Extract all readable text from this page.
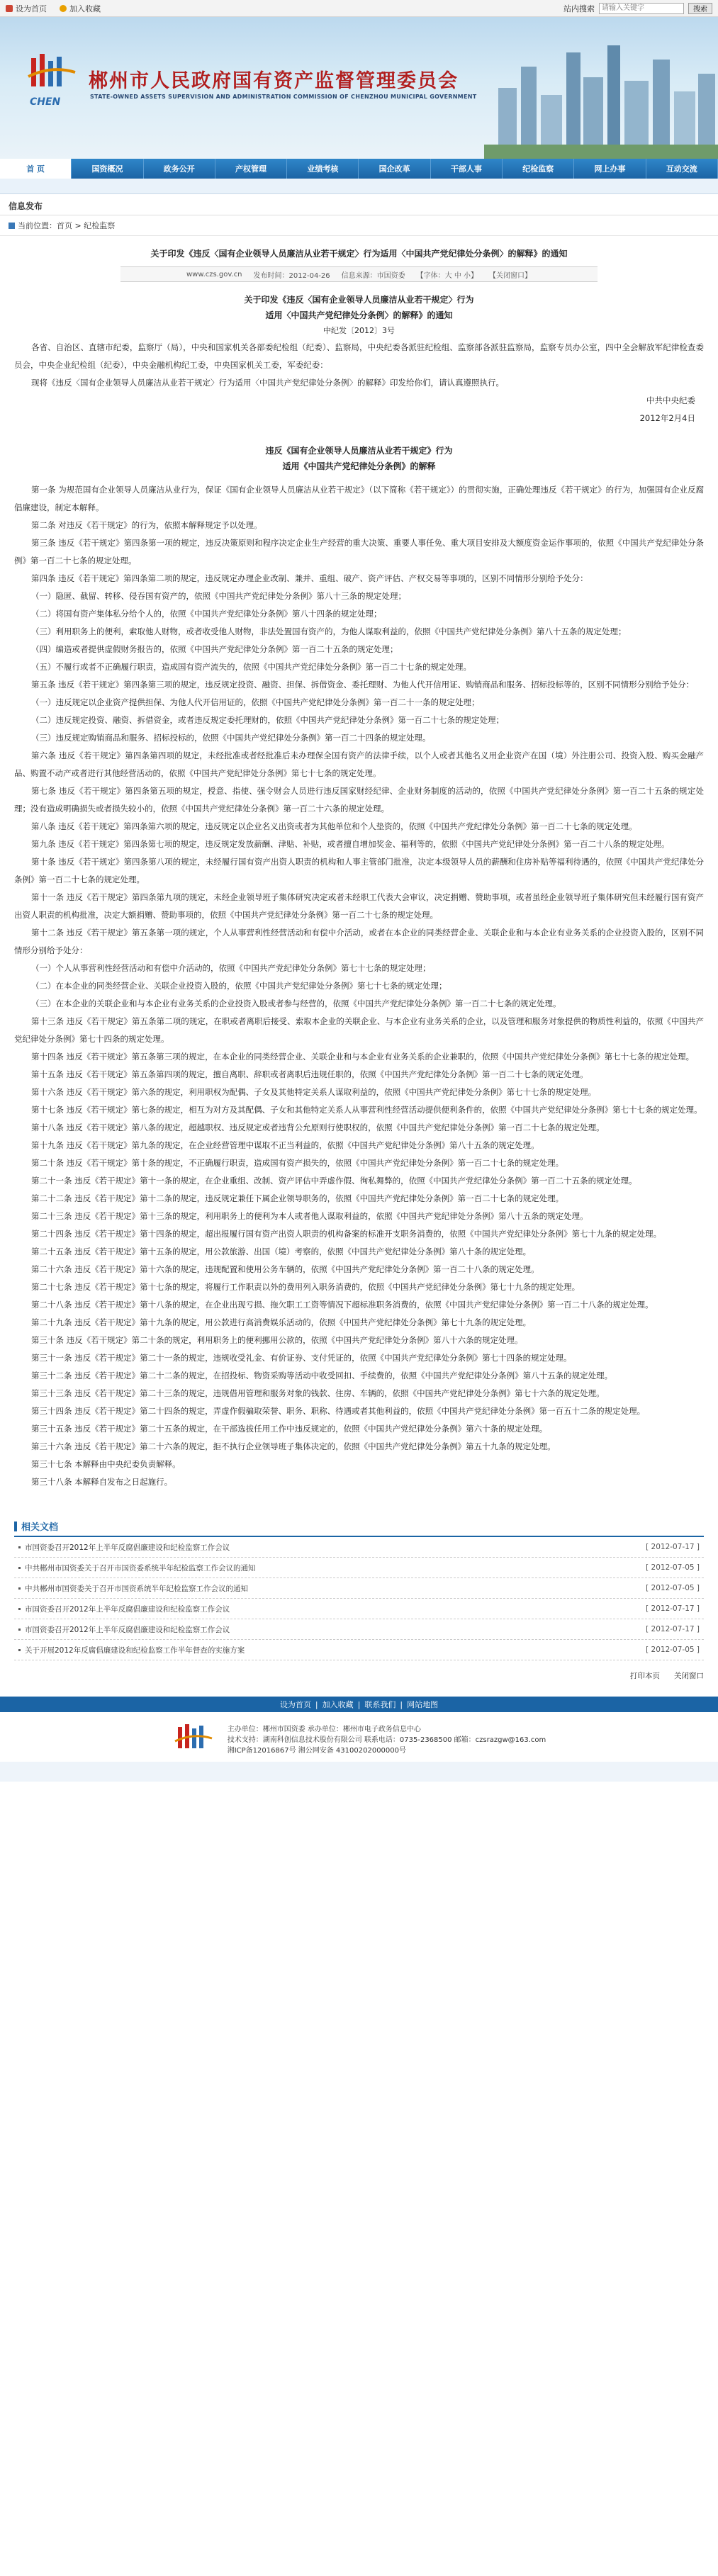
设为首页	加入收藏	站内搜索
请输入关键字	搜索
CHEN
郴州市人民政府国有资产监督管理委员会
STATE-OWNED ASSETS SUPERVISION AND ADMINISTRATION COMMISSION OF CHENZHOU MUNICIPAL GOVERNMENT
首 页	国资概况	政务公开	产权管理	业绩考核	国企改革	干部人事	纪检监察	网上办事	互动交流
信息发布
当前位置：首页 > 纪检监察
关于印发《违反〈国有企业领导人员廉洁从业若干规定〉行为适用〈中国共产党纪律处分条例〉的解释》的通知
www.czs.gov.cn 发布时间：2012-04-26 信息来源：市国资委 【字体：大 中 小】 【关闭窗口】
关于印发《违反〈国有企业领导人员廉洁从业若干规定〉行为
适用〈中国共产党纪律处分条例〉的解释》的通知
中纪发〔2012〕3号

各省、自治区、直辖市纪委，监察厅（局），中央和国家机关各部委纪检组（纪委）、监察局，中央纪委各派驻纪检组、监察部各派驻监察局，监察专员办公室，四中全会解放军纪律检查委员会，中央企业纪检组（纪委），中央金融机构纪工委，中央国家机关工委，军委纪委：

现将《违反〈国有企业领导人员廉洁从业若干规定〉行为适用〈中国共产党纪律处分条例〉的解释》印发给你们，请认真遵照执行。

中共中央纪委
2012年2月4日
违反《国有企业领导人员廉洁从业若干规定》行为
适用《中国共产党纪律处分条例》的解释

第一条 为规范国有企业领导人员廉洁从业行为，保证《国有企业领导人员廉洁从业若干规定》（以下简称《若干规定》）的贯彻实施，正确处理违反《若干规定》的行为，加强国有企业反腐倡廉建设，制定本解释。

第二条 对违反《若干规定》的行为，依照本解释规定予以处理。

第三条 违反《若干规定》第四条第一项的规定，违反决策原则和程序决定企业生产经营的重大决策、重要人事任免、重大项目安排及大额度资金运作事项的，依照《中国共产党纪律处分条例》第一百二十七条的规定处理。

第四条 违反《若干规定》第四条第二项的规定，违反规定办理企业改制、兼并、重组、破产、资产评估、产权交易等事项的，区别不同情形分别给予处分：

（一）隐匿、截留、转移、侵吞国有资产的，依照《中国共产党纪律处分条例》第八十三条的规定处理；

（二）将国有资产集体私分给个人的，依照《中国共产党纪律处分条例》第八十四条的规定处理；

（三）利用职务上的便利，索取他人财物，或者收受他人财物，非法处置国有资产的，为他人谋取利益的，依照《中国共产党纪律处分条例》第八十五条的规定处理；

（四）编造或者提供虚假财务报告的，依照《中国共产党纪律处分条例》第一百二十五条的规定处理；

（五）不履行或者不正确履行职责，造成国有资产流失的，依照《中国共产党纪律处分条例》第一百二十七条的规定处理。

第五条 违反《若干规定》第四条第三项的规定，违反规定投资、融资、担保、拆借资金、委托理财、为他人代开信用证、购销商品和服务、招标投标等的，区别不同情形分别给予处分：

（一）违反规定以企业资产提供担保、为他人代开信用证的，依照《中国共产党纪律处分条例》第一百二十一条的规定处理；

（二）违反规定投资、融资、拆借资金，或者违反规定委托理财的，依照《中国共产党纪律处分条例》第一百二十七条的规定处理；

（三）违反规定购销商品和服务、招标投标的，依照《中国共产党纪律处分条例》第一百二十四条的规定处理。

第六条 违反《若干规定》第四条第四项的规定，未经批准或者经批准后未办理保全国有资产的法律手续，以个人或者其他名义用企业资产在国（境）外注册公司、投资入股、购买金融产品、购置不动产或者进行其他经营活动的，依照《中国共产党纪律处分条例》第七十七条的规定处理。

第七条 违反《若干规定》第四条第五项的规定，授意、指使、强令财会人员进行违反国家财经纪律、企业财务制度的活动的，依照《中国共产党纪律处分条例》第一百二十五条的规定处理；没有造成明确损失或者损失较小的，依照《中国共产党纪律处分条例》第一百二十六条的规定处理。

第八条 违反《若干规定》第四条第六项的规定，违反规定以企业名义出资或者为其他单位和个人垫资的，依照《中国共产党纪律处分条例》第一百二十七条的规定处理。

第九条 违反《若干规定》第四条第七项的规定，违反规定发放薪酬、津贴、补贴，或者擅自增加奖金、福利等的，依照《中国共产党纪律处分条例》第一百二十八条的规定处理。

第十条 违反《若干规定》第四条第八项的规定，未经履行国有资产出资人职责的机构和人事主管部门批准，决定本级领导人员的薪酬和住房补贴等福利待遇的，依照《中国共产党纪律处分条例》第一百二十七条的规定处理。

第十一条 违反《若干规定》第四条第九项的规定，未经企业领导班子集体研究决定或者未经职工代表大会审议，决定捐赠、赞助事项，或者虽经企业领导班子集体研究但未经履行国有资产出资人职责的机构批准，决定大额捐赠、赞助事项的，依照《中国共产党纪律处分条例》第一百二十七条的规定处理。

第十二条 违反《若干规定》第五条第一项的规定，个人从事营利性经营活动和有偿中介活动，或者在本企业的同类经营企业、关联企业和与本企业有业务关系的企业投资入股的，区别不同情形分别给予处分：

（一）个人从事营利性经营活动和有偿中介活动的，依照《中国共产党纪律处分条例》第七十七条的规定处理；

（二）在本企业的同类经营企业、关联企业投资入股的，依照《中国共产党纪律处分条例》第七十七条的规定处理；

（三）在本企业的关联企业和与本企业有业务关系的企业投资入股或者参与经营的，依照《中国共产党纪律处分条例》第一百二十七条的规定处理。

第十三条 违反《若干规定》第五条第二项的规定，在职或者离职后接受、索取本企业的关联企业、与本企业有业务关系的企业，以及管理和服务对象提供的物质性利益的，依照《中国共产党纪律处分条例》第七十四条的规定处理。

第十四条 违反《若干规定》第五条第三项的规定，在本企业的同类经营企业、关联企业和与本企业有业务关系的企业兼职的，依照《中国共产党纪律处分条例》第七十七条的规定处理。

第十五条 违反《若干规定》第五条第四项的规定，擅自离职、辞职或者离职后违规任职的，依照《中国共产党纪律处分条例》第一百二十七条的规定处理。

第十六条 违反《若干规定》第六条的规定，利用职权为配偶、子女及其他特定关系人谋取利益的，依照《中国共产党纪律处分条例》第七十七条的规定处理。

第十七条 违反《若干规定》第七条的规定，相互为对方及其配偶、子女和其他特定关系人从事营利性经营活动提供便利条件的，依照《中国共产党纪律处分条例》第七十七条的规定处理。

第十八条 违反《若干规定》第八条的规定，超越职权、违反规定或者违背公允原则行使职权的，依照《中国共产党纪律处分条例》第一百二十七条的规定处理。

第十九条 违反《若干规定》第九条的规定，在企业经营管理中谋取不正当利益的，依照《中国共产党纪律处分条例》第八十五条的规定处理。

第二十条 违反《若干规定》第十条的规定，不正确履行职责，造成国有资产损失的，依照《中国共产党纪律处分条例》第一百二十七条的规定处理。

第二十一条 违反《若干规定》第十一条的规定，在企业重组、改制、资产评估中弄虚作假、徇私舞弊的，依照《中国共产党纪律处分条例》第一百二十五条的规定处理。

第二十二条 违反《若干规定》第十二条的规定，违反规定兼任下属企业领导职务的，依照《中国共产党纪律处分条例》第一百二十七条的规定处理。

第二十三条 违反《若干规定》第十三条的规定，利用职务上的便利为本人或者他人谋取利益的，依照《中国共产党纪律处分条例》第八十五条的规定处理。

第二十四条 违反《若干规定》第十四条的规定，超出报履行国有资产出资人职责的机构备案的标准开支职务消费的，依照《中国共产党纪律处分条例》第七十九条的规定处理。

第二十五条 违反《若干规定》第十五条的规定，用公款旅游、出国（境）考察的，依照《中国共产党纪律处分条例》第八十条的规定处理。

第二十六条 违反《若干规定》第十六条的规定，违规配置和使用公务车辆的，依照《中国共产党纪律处分条例》第一百二十八条的规定处理。

第二十七条 违反《若干规定》第十七条的规定，将履行工作职责以外的费用列入职务消费的，依照《中国共产党纪律处分条例》第七十九条的规定处理。

第二十八条 违反《若干规定》第十八条的规定，在企业出现亏损、拖欠职工工资等情况下超标准职务消费的，依照《中国共产党纪律处分条例》第一百二十八条的规定处理。

第二十九条 违反《若干规定》第十九条的规定，用公款进行高消费娱乐活动的，依照《中国共产党纪律处分条例》第七十九条的规定处理。

第三十条 违反《若干规定》第二十条的规定，利用职务上的便利挪用公款的，依照《中国共产党纪律处分条例》第八十六条的规定处理。

第三十一条 违反《若干规定》第二十一条的规定，违规收受礼金、有价证券、支付凭证的，依照《中国共产党纪律处分条例》第七十四条的规定处理。

第三十二条 违反《若干规定》第二十二条的规定，在招投标、物资采购等活动中收受回扣、手续费的，依照《中国共产党纪律处分条例》第八十五条的规定处理。

第三十三条 违反《若干规定》第二十三条的规定，违规借用管理和服务对象的钱款、住房、车辆的，依照《中国共产党纪律处分条例》第七十六条的规定处理。

第三十四条 违反《若干规定》第二十四条的规定，弄虚作假骗取荣誉、职务、职称、待遇或者其他利益的，依照《中国共产党纪律处分条例》第一百五十二条的规定处理。

第三十五条 违反《若干规定》第二十五条的规定，在干部选拔任用工作中违反规定的，依照《中国共产党纪律处分条例》第六十条的规定处理。

第三十六条 违反《若干规定》第二十六条的规定，拒不执行企业领导班子集体决定的，依照《中国共产党纪律处分条例》第五十九条的规定处理。

第三十七条 本解释由中央纪委负责解释。

第三十八条 本解释自发布之日起施行。

相关文档
市国资委召开2012年上半年反腐倡廉建设和纪检监察工作会议	[ 2012-07-17 ]
中共郴州市国资委关于召开市国资委系统半年纪检监察工作会议的通知	[ 2012-07-05 ]
中共郴州市国资委关于召开市国资系统半年纪检监察工作会议的通知	[ 2012-07-05 ]
市国资委召开2012年上半年反腐倡廉建设和纪检监察工作会议	[ 2012-07-17 ]
市国资委召开2012年上半年反腐倡廉建设和纪检监察工作会议	[ 2012-07-17 ]
关于开展2012年反腐倡廉建设和纪检监察工作半年督查的实施方案	[ 2012-07-05 ]
打印本页 关闭窗口
设为首页 | 加入收藏 | 联系我们 | 网站地图
主办单位：郴州市国资委 承办单位：郴州市电子政务信息中心
技术支持：湖南科创信息技术股份有限公司 联系电话：0735-2368500 邮箱：czsrazgw@163.com
湘ICP备12016867号 湘公网安备 43100202000000号
